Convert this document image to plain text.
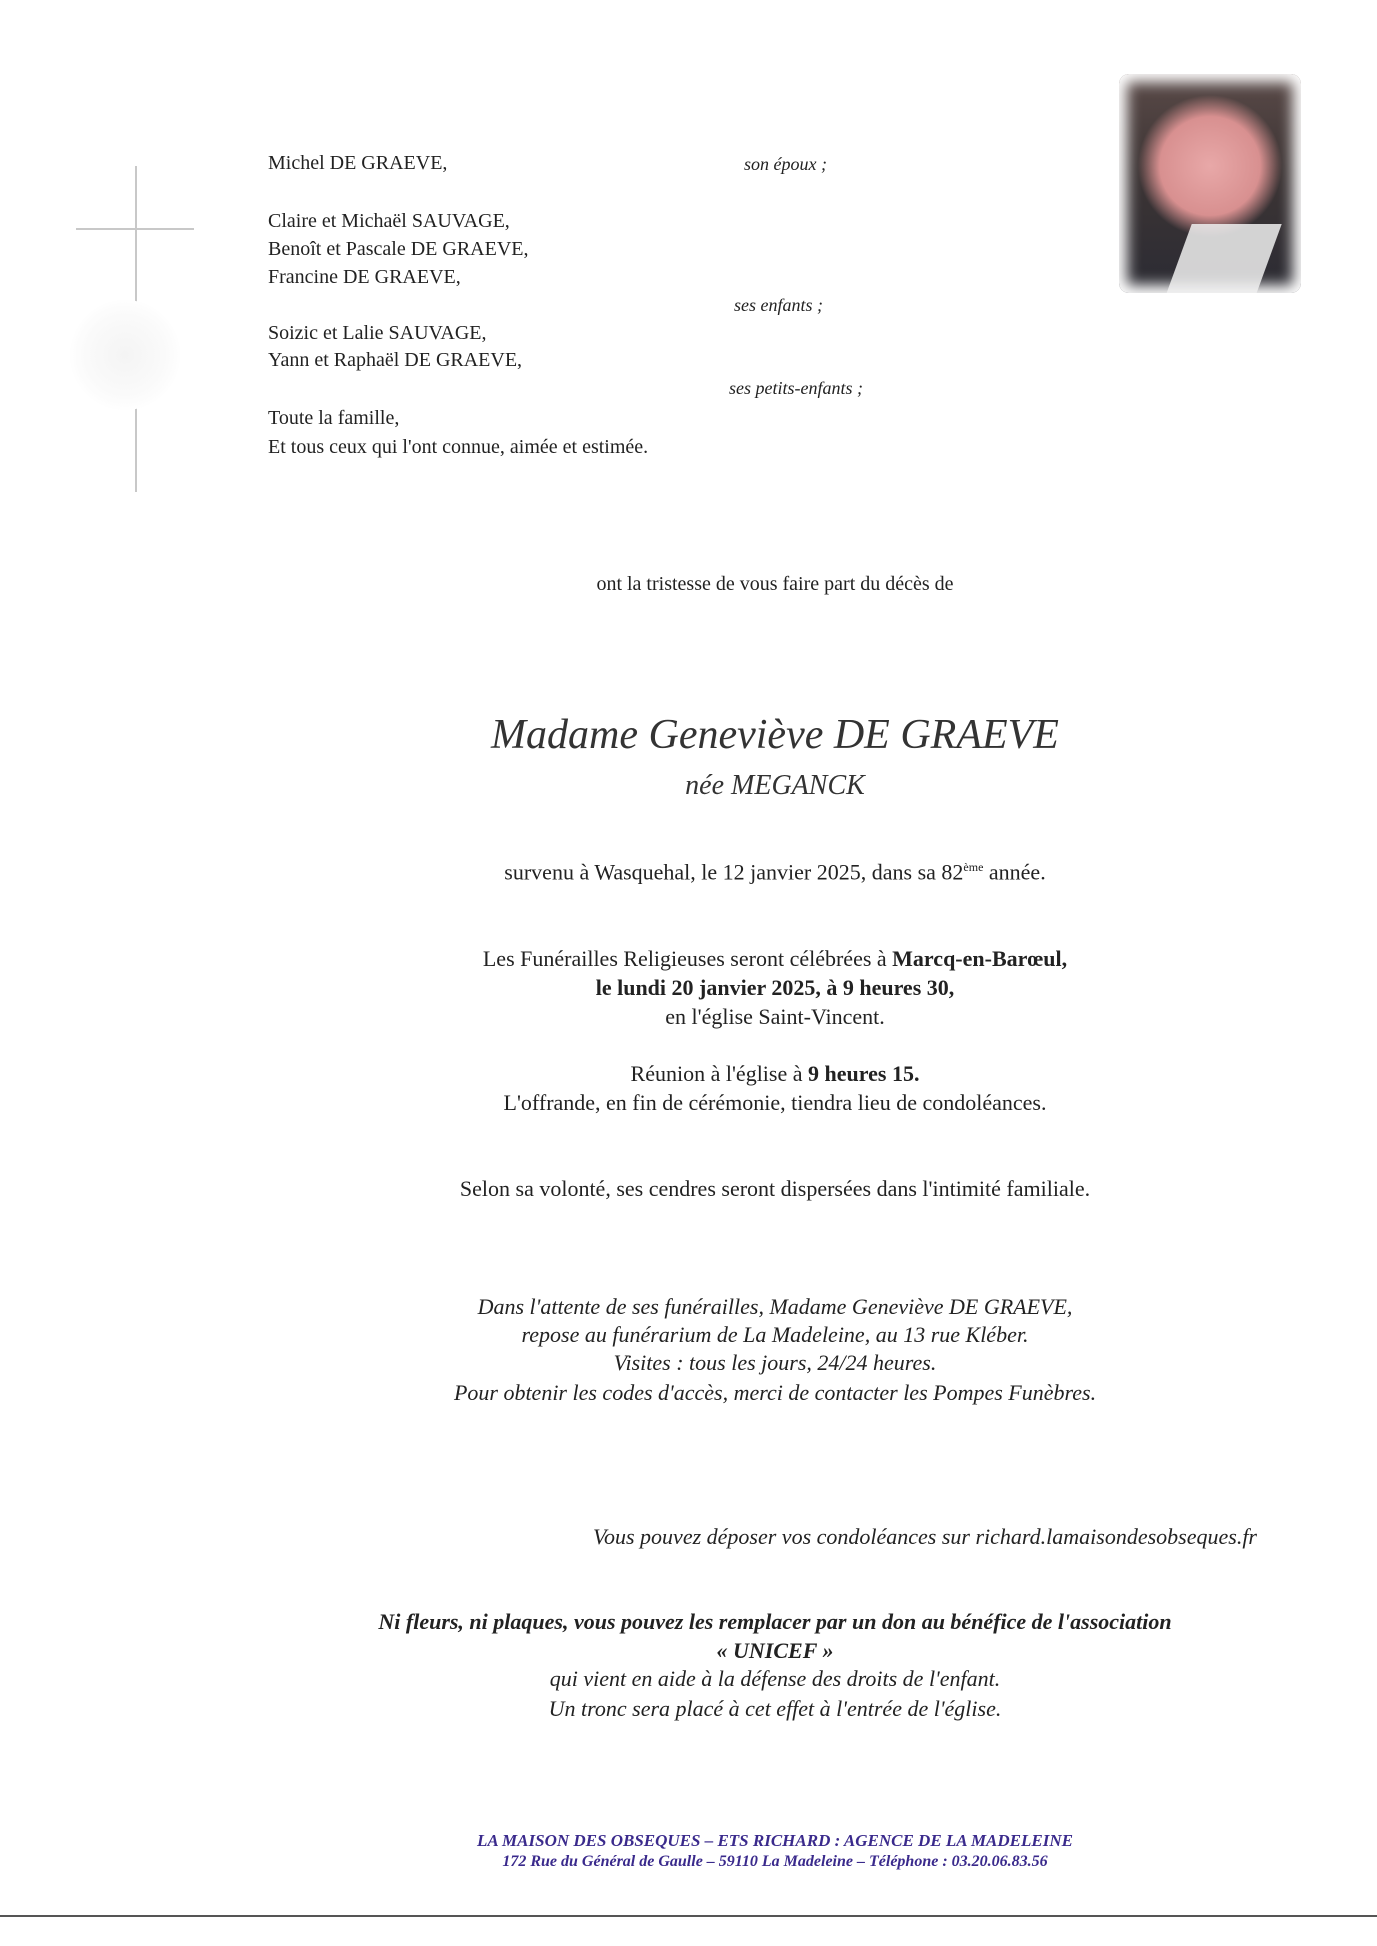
Michel DE GRAEVE,	son époux ;
Claire et Michaël SAUVAGE,
Benoît et Pascale DE GRAEVE,
Francine DE GRAEVE,
ses enfants ;
Soizic et Lalie SAUVAGE,
Yann et Raphaël DE GRAEVE,
ses petits-enfants ;
Toute la famille,
Et tous ceux qui l'ont connue, aimée et estimée.
ont la tristesse de vous faire part du décès de
Madame Geneviève DE GRAEVE
née MEGANCK
survenu à Wasquehal, le 12 janvier 2025, dans sa 82ème année.
Les Funérailles Religieuses seront célébrées à Marcq-en-Barœul,
le lundi 20 janvier 2025, à 9 heures 30,
en l'église Saint-Vincent.
Réunion à l'église à 9 heures 15.
L'offrande, en fin de cérémonie, tiendra lieu de condoléances.
Selon sa volonté, ses cendres seront dispersées dans l'intimité familiale.
Dans l'attente de ses funérailles, Madame Geneviève DE GRAEVE,
repose au funérarium de La Madeleine, au 13 rue Kléber.
Visites : tous les jours, 24/24 heures.
Pour obtenir les codes d'accès, merci de contacter les Pompes Funèbres.
Vous pouvez déposer vos condoléances sur richard.lamaisondesobseques.fr
Ni fleurs, ni plaques, vous pouvez les remplacer par un don au bénéfice de l'association
« UNICEF »
qui vient en aide à la défense des droits de l'enfant.
Un tronc sera placé à cet effet à l'entrée de l'église.
LA MAISON DES OBSEQUES – ETS RICHARD : AGENCE DE LA MADELEINE
172 Rue du Général de Gaulle – 59110 La Madeleine – Téléphone : 03.20.06.83.56
